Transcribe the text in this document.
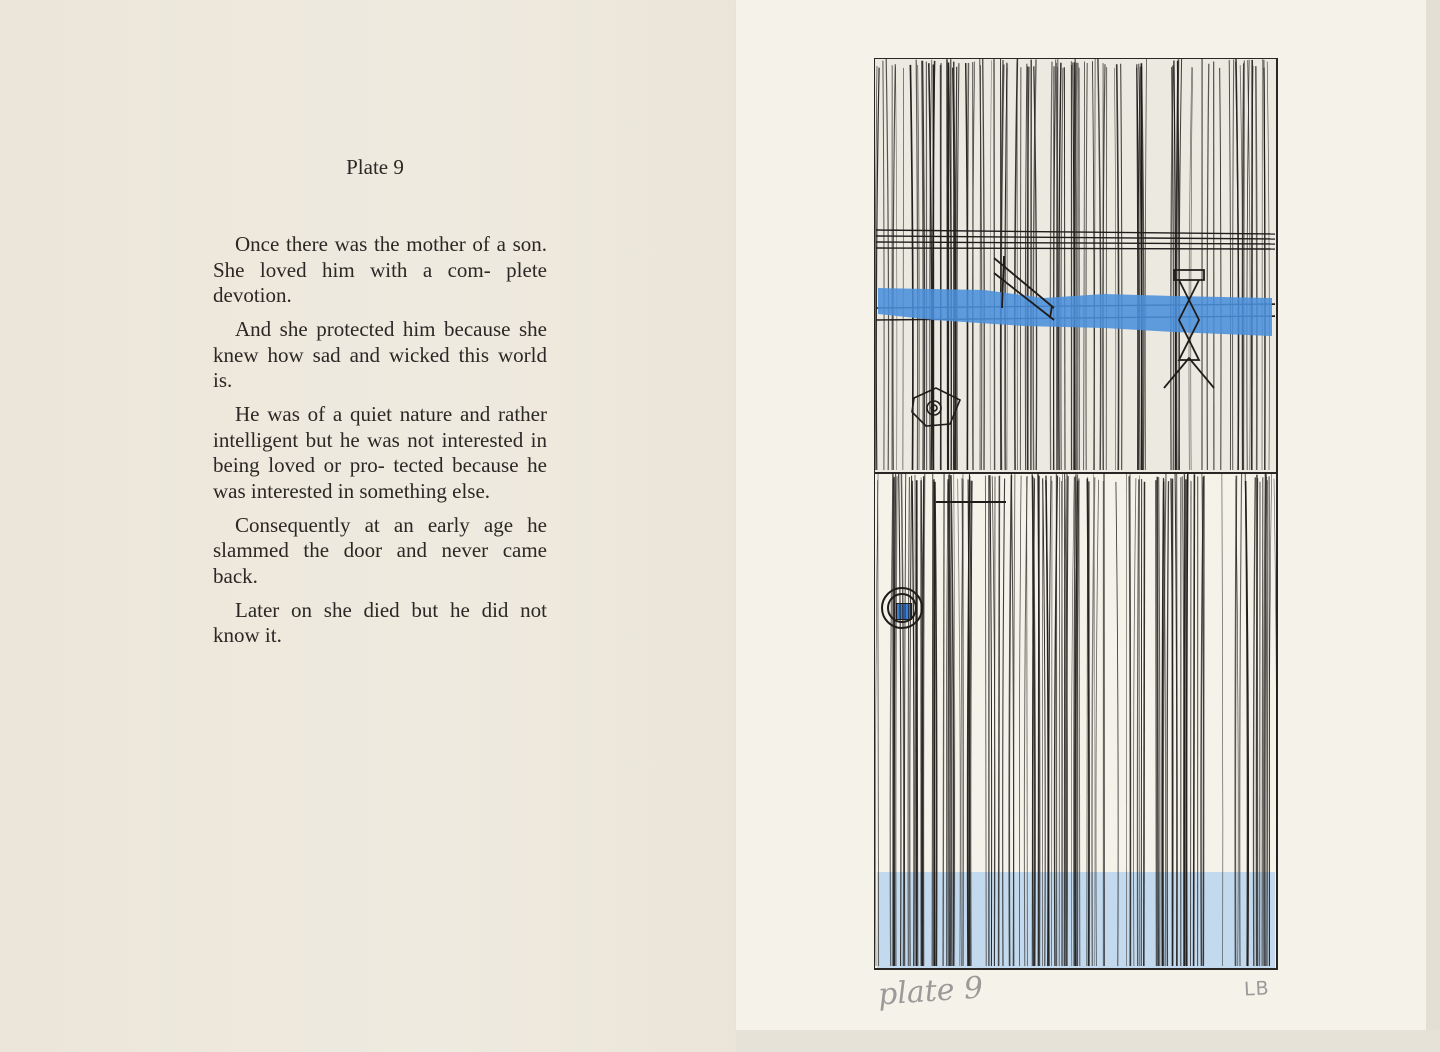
Plate 9

Once there was the mother of a son. She loved him with a com- plete devotion.

And she protected him because she knew how sad and wicked this world is.

He was of a quiet nature and rather intelligent but he was not interested in being loved or pro- tected because he was interested in something else.

Consequently at an early age he slammed the door and never came back.

Later on she died but he did not know it.

plate 9	LB
